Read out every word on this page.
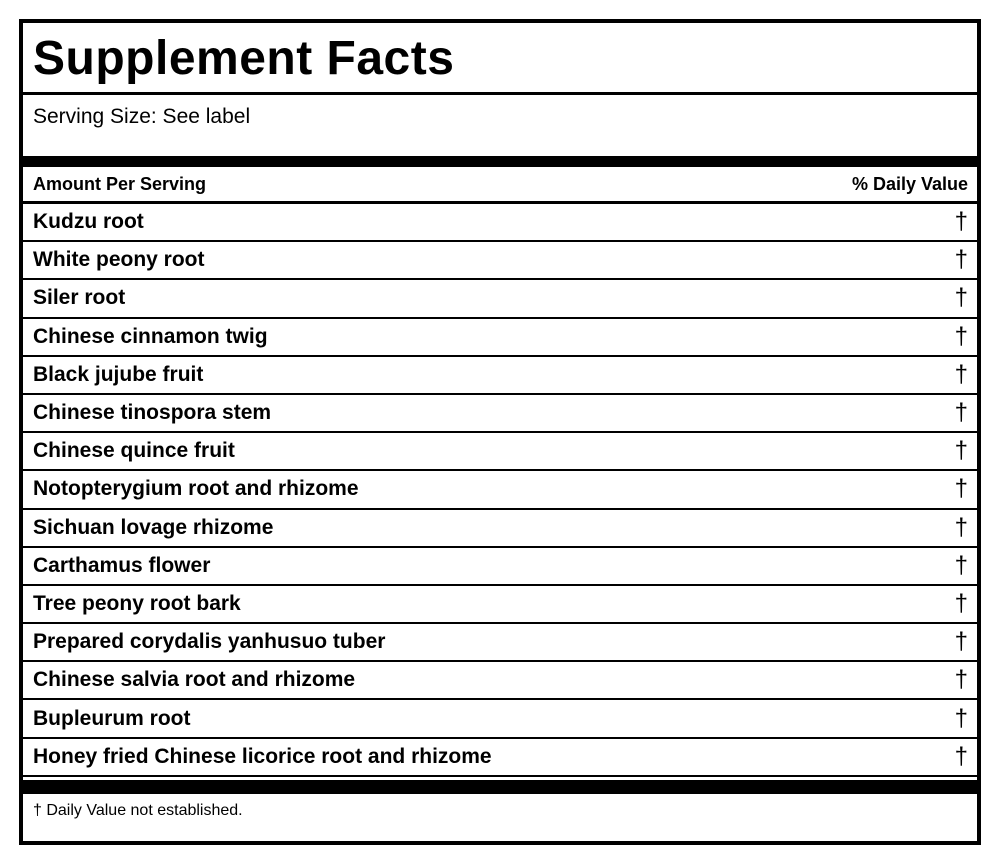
Supplement Facts
Serving Size: See label
Amount Per Serving	% Daily Value
Kudzu root	†
White peony root	†
Siler root	†
Chinese cinnamon twig	†
Black jujube fruit	†
Chinese tinospora stem	†
Chinese quince fruit	†
Notopterygium root and rhizome	†
Sichuan lovage rhizome	†
Carthamus flower	†
Tree peony root bark	†
Prepared corydalis yanhusuo tuber	†
Chinese salvia root and rhizome	†
Bupleurum root	†
Honey fried Chinese licorice root and rhizome	†
† Daily Value not established.
